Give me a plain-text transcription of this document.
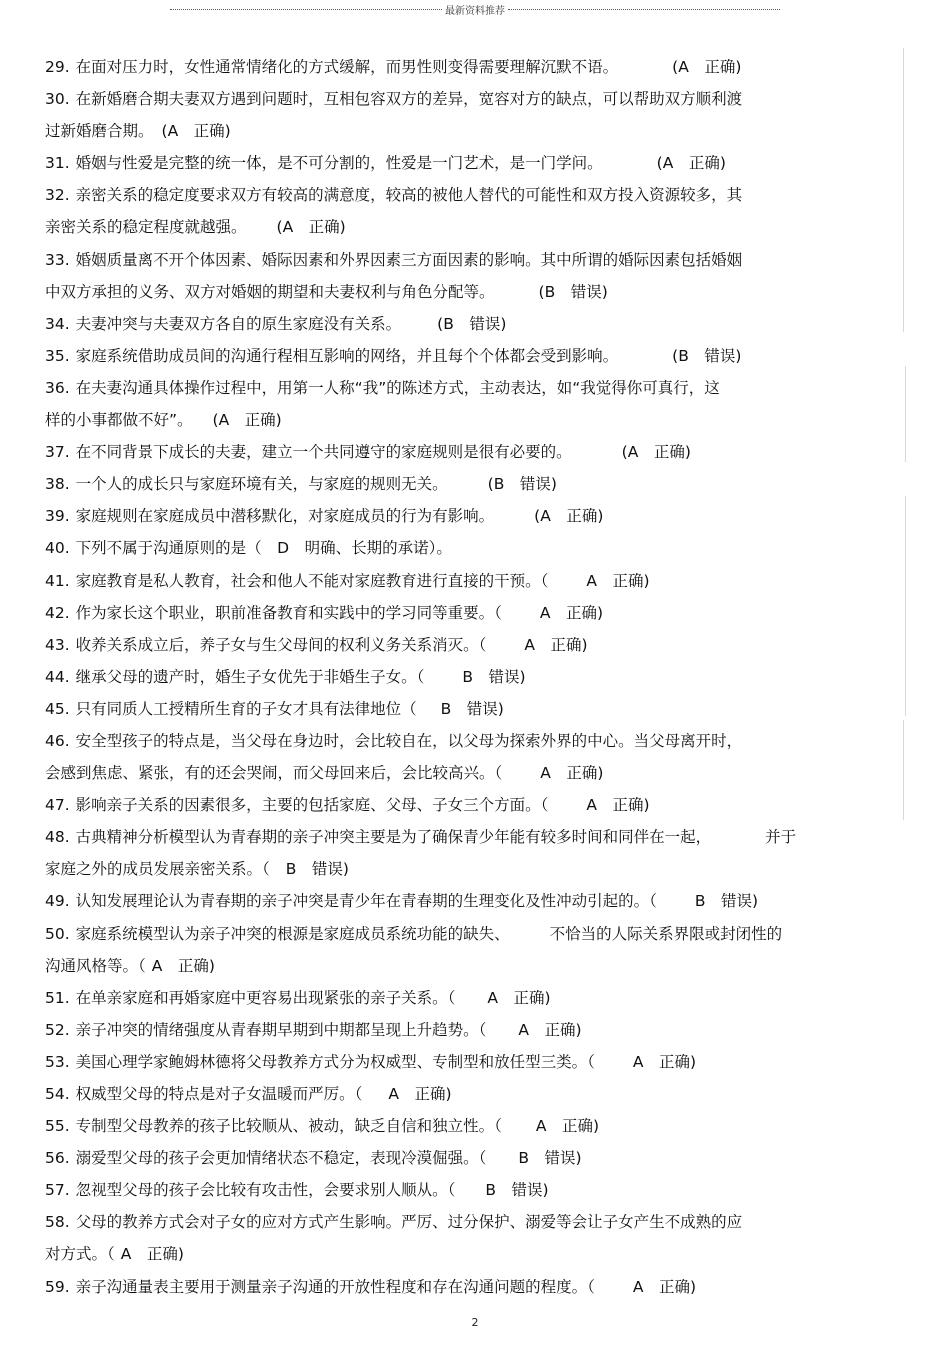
最新资料推荐
29. 在面对压力时，女性通常情绪化的方式缓解，而男性则变得需要理解沉默不语。	(A　正确)
30. 在新婚磨合期夫妻双方遇到问题时，互相包容双方的差异，宽容对方的缺点，可以帮助双方顺利渡
过新婚磨合期。 (A　正确)
31. 婚姻与性爱是完整的统一体，是不可分割的，性爱是一门艺术，是一门学问。	(A　正确)
32. 亲密关系的稳定度要求双方有较高的满意度，较高的被他人替代的可能性和双方投入资源较多，其
亲密关系的稳定程度就越强。 (A　正确)
33. 婚姻质量离不开个体因素、婚际因素和外界因素三方面因素的影响。其中所谓的婚际因素包括婚姻
中双方承担的义务、双方对婚姻的期望和夫妻权利与角色分配等。	(B　错误)
34. 夫妻冲突与夫妻双方各自的原生家庭没有关系。 (B　错误)
35. 家庭系统借助成员间的沟通行程相互影响的网络，并且每个个体都会受到影响。	(B　错误)
36. 在夫妻沟通具体操作过程中，用第一人称“我”的陈述方式，主动表达，如“我觉得你可真行，这
样的小事都做不好”。 (A　正确)
37. 在不同背景下成长的夫妻，建立一个共同遵守的家庭规则是很有必要的。	(A　正确)
38. 一个人的成长只与家庭环境有关，与家庭的规则无关。	(B　错误)
39. 家庭规则在家庭成员中潜移默化，对家庭成员的行为有影响。	(A　正确)
40. 下列不属于沟通原则的是（　D　明确、长期的承诺）。
41. 家庭教育是私人教育，社会和他人不能对家庭教育进行直接的干预。（ A　正确)
42. 作为家长这个职业，职前准备教育和实践中的学习同等重要。（ A　正确)
43. 收养关系成立后，养子女与生父母间的权利义务关系消灭。（ A　正确)
44. 继承父母的遗产时，婚生子女优先于非婚生子女。（ B　错误)
45. 只有同质人工授精所生育的子女才具有法律地位（ B　错误)
46. 安全型孩子的特点是，当父母在身边时，会比较自在，以父母为探索外界的中心。当父母离开时，
会感到焦虑、紧张，有的还会哭闹，而父母回来后，会比较高兴。（ A　正确)
47. 影响亲子关系的因素很多，主要的包括家庭、父母、子女三个方面。（ A　正确)
48. 古典精神分析模型认为青春期的亲子冲突主要是为了确保青少年能有较多时间和同伴在一起，	并于
家庭之外的成员发展亲密关系。（ B　错误)
49. 认知发展理论认为青春期的亲子冲突是青少年在青春期的生理变化及性冲动引起的。（ B　错误)
50. 家庭系统模型认为亲子冲突的根源是家庭成员系统功能的缺失、	不恰当的人际关系界限或封闭性的
沟通风格等。（ A　正确)
51. 在单亲家庭和再婚家庭中更容易出现紧张的亲子关系。（ A　正确)
52. 亲子冲突的情绪强度从青春期早期到中期都呈现上升趋势。（ A　正确)
53. 美国心理学家鲍姆林德将父母教养方式分为权威型、专制型和放任型三类。（ A　正确)
54. 权威型父母的特点是对子女温暖而严厉。（ A　正确)
55. 专制型父母教养的孩子比较顺从、被动，缺乏自信和独立性。（ A　正确)
56. 溺爱型父母的孩子会更加情绪状态不稳定，表现冷漠倔强。（ B　错误)
57. 忽视型父母的孩子会比较有攻击性，会要求别人顺从。（ B　错误)
58. 父母的教养方式会对子女的应对方式产生影响。严厉、过分保护、溺爱等会让子女产生不成熟的应
对方式。（ A　正确)
59. 亲子沟通量表主要用于测量亲子沟通的开放性程度和存在沟通问题的程度。（ A　正确)
2
